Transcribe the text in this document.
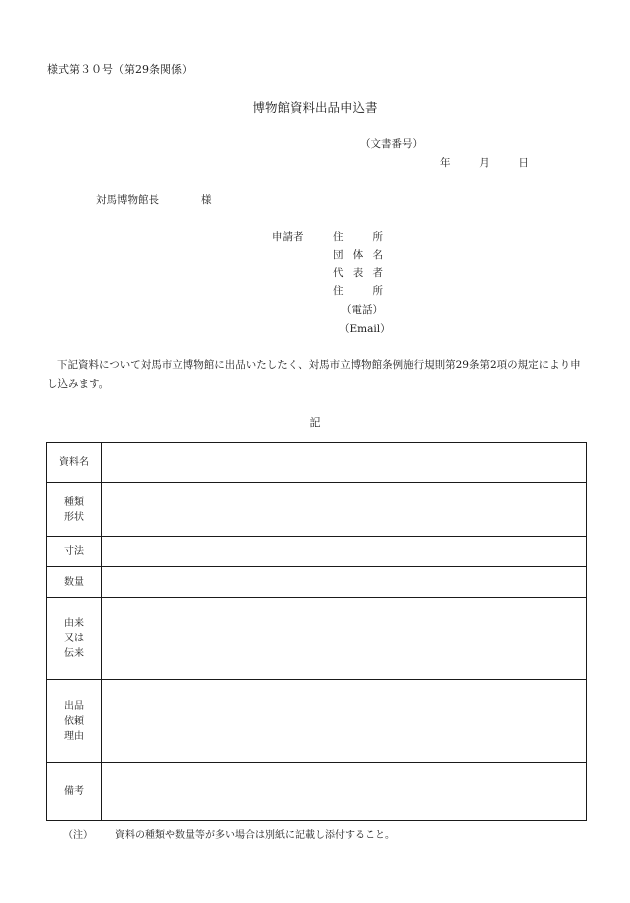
様式第３０号（第29条関係）
博物館資料出品申込書
（文書番号）
年	月	日
対馬博物館長	様
申請者	住	所
団 体 名
代 表 者
住	所
（電話）
（Email）
下記資料について対馬市立博物館に出品いたしたく、対馬市立博物館条例施行規則第29条第2項の規定により申し込みます。
記
資料名	

種類
形状	

寸法	

数量	

由来
又は
伝来	

出品
依頼
理由	

備考	

（注） 資料の種類や数量等が多い場合は別紙に記載し添付すること。
